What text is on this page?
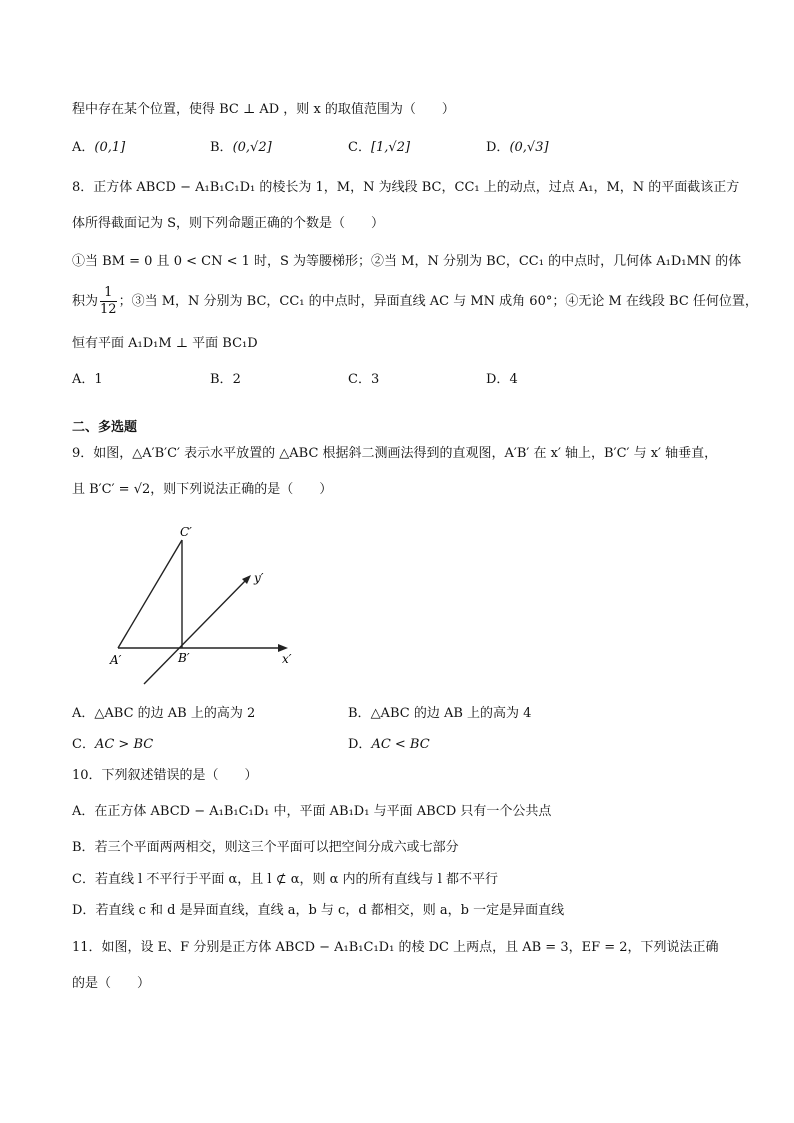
程中存在某个位置，使得 BC ⊥ AD ，则 x 的取值范围为（　　）
A．(0,1]	B．(0,√2]	C．[1,√2]	D．(0,√3]
8．正方体 ABCD − A₁B₁C₁D₁ 的棱长为 1，M，N 为线段 BC，CC₁ 上的动点，过点 A₁，M，N 的平面截该正方
体所得截面记为 S，则下列命题正确的个数是（　　）
①当 BM = 0 且 0 < CN < 1 时，S 为等腰梯形；②当 M，N 分别为 BC，CC₁ 的中点时，几何体 A₁D₁MN 的体
积为 $\frac{1}{12}$ ；③当 M，N 分别为 BC，CC₁ 的中点时，异面直线 AC 与 MN 成角 60°；④无论 M 在线段 BC 任何位置，
恒有平面 A₁D₁M ⊥ 平面 BC₁D
A．1	B．2	C．3	D．4
二、多选题
9．如图，△A′B′C′ 表示水平放置的 △ABC 根据斜二测画法得到的直观图，A′B′ 在 x′ 轴上，B′C′ 与 x′ 轴垂直，
且 B′C′ = √2，则下列说法正确的是（　　）
C′
A′	B′	x′
y′
A．△ABC 的边 AB 上的高为 2	B．△ABC 的边 AB 上的高为 4
C．AC > BC	D．AC < BC
10．下列叙述错误的是（　　）
A．在正方体 ABCD − A₁B₁C₁D₁ 中，平面 AB₁D₁ 与平面 ABCD 只有一个公共点
B．若三个平面两两相交，则这三个平面可以把空间分成六或七部分
C．若直线 l 不平行于平面 α，且 l ⊄ α，则 α 内的所有直线与 l 都不平行
D．若直线 c 和 d 是异面直线，直线 a，b 与 c，d 都相交，则 a，b 一定是异面直线
11．如图，设 E、F 分别是正方体 ABCD − A₁B₁C₁D₁ 的棱 DC 上两点，且 AB = 3，EF = 2，下列说法正确
的是（　　）
